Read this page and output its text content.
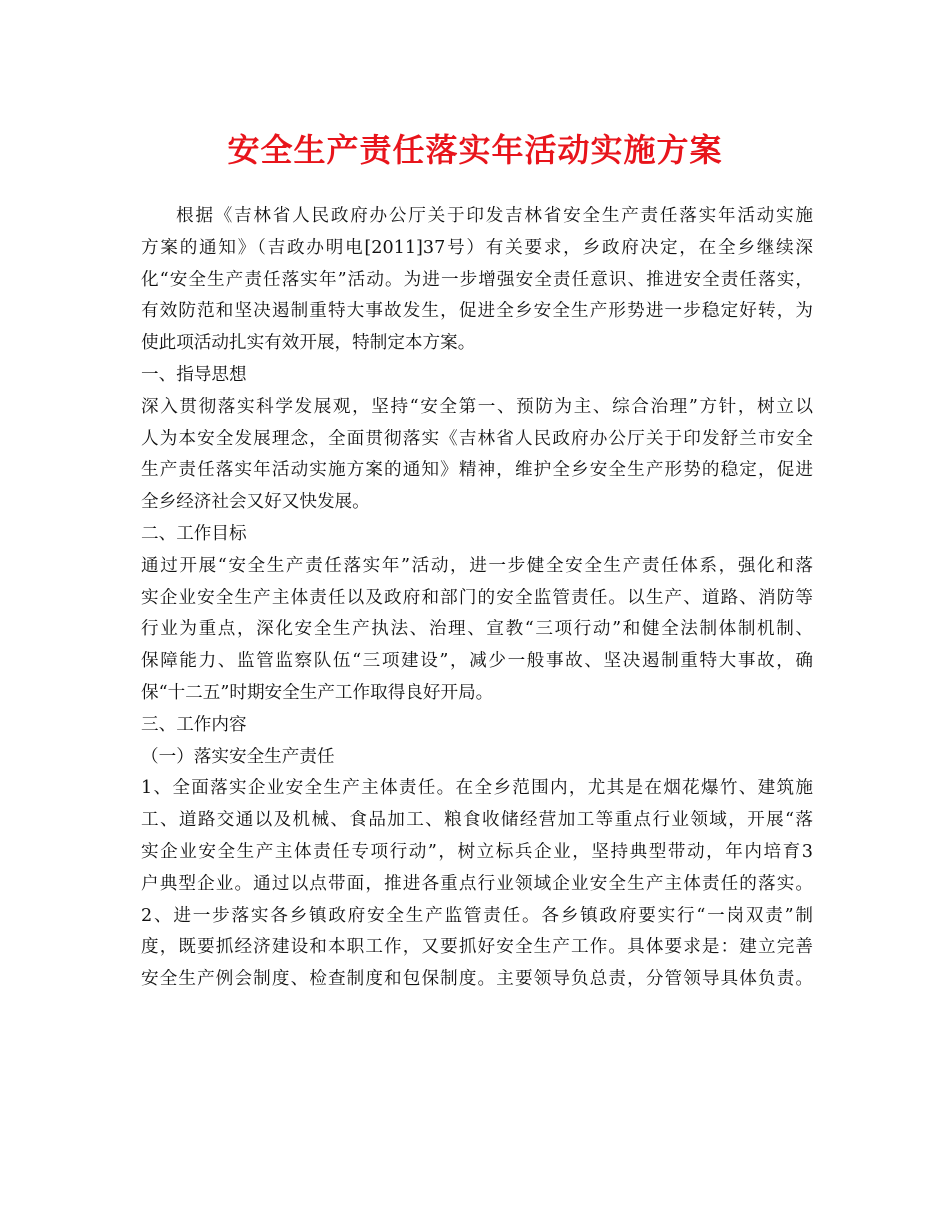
安全生产责任落实年活动实施方案
根据《吉林省人民政府办公厅关于印发吉林省安全生产责任落实年活动实施
方案的通知》（吉政办明电[2011]37号）有关要求，乡政府决定，在全乡继续深
化“安全生产责任落实年”活动。为进一步增强安全责任意识、推进安全责任落实，
有效防范和坚决遏制重特大事故发生，促进全乡安全生产形势进一步稳定好转，为
使此项活动扎实有效开展，特制定本方案。
一、指导思想
深入贯彻落实科学发展观，坚持“安全第一、预防为主、综合治理”方针，树立以
人为本安全发展理念，全面贯彻落实《吉林省人民政府办公厅关于印发舒兰市安全
生产责任落实年活动实施方案的通知》精神，维护全乡安全生产形势的稳定，促进
全乡经济社会又好又快发展。
二、工作目标
通过开展“安全生产责任落实年”活动，进一步健全安全生产责任体系，强化和落
实企业安全生产主体责任以及政府和部门的安全监管责任。以生产、道路、消防等
行业为重点，深化安全生产执法、治理、宣教“三项行动”和健全法制体制机制、
保障能力、监管监察队伍“三项建设”，减少一般事故、坚决遏制重特大事故，确
保“十二五”时期安全生产工作取得良好开局。
三、工作内容
（一）落实安全生产责任
1、全面落实企业安全生产主体责任。在全乡范围内，尤其是在烟花爆竹、建筑施
工、道路交通以及机械、食品加工、粮食收储经营加工等重点行业领域，开展“落
实企业安全生产主体责任专项行动”，树立标兵企业，坚持典型带动，年内培育3
户典型企业。通过以点带面，推进各重点行业领域企业安全生产主体责任的落实。
2、进一步落实各乡镇政府安全生产监管责任。各乡镇政府要实行“一岗双责”制
度，既要抓经济建设和本职工作，又要抓好安全生产工作。具体要求是：建立完善
安全生产例会制度、检查制度和包保制度。主要领导负总责，分管领导具体负责。
